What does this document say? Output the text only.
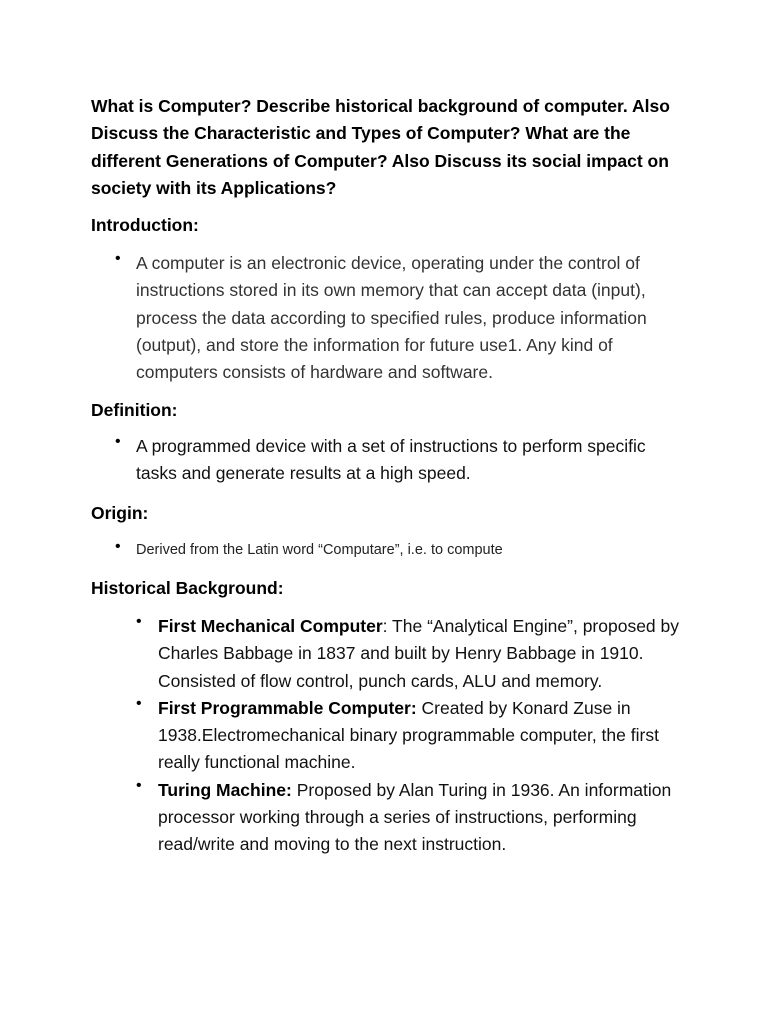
What is Computer? Describe historical background of computer. Also Discuss the Characteristic and Types of Computer? What are the different Generations of Computer? Also Discuss its social impact on society with its Applications?

Introduction:

• A computer is an electronic device, operating under the control of instructions stored in its own memory that can accept data (input), process the data according to specified rules, produce information (output), and store the information for future use1. Any kind of computers consists of hardware and software.

Definition:

• A programmed device with a set of instructions to perform specific tasks and generate results at a high speed.

Origin:

• Derived from the Latin word “Computare”, i.e. to compute

Historical Background:

• First Mechanical Computer: The “Analytical Engine”, proposed by Charles Babbage in 1837 and built by Henry Babbage in 1910. Consisted of flow control, punch cards, ALU and memory.
• First Programmable Computer: Created by Konard Zuse in 1938.Electromechanical binary programmable computer, the first really functional machine.
• Turing Machine: Proposed by Alan Turing in 1936. An information processor working through a series of instructions, performing read/write and moving to the next instruction.
